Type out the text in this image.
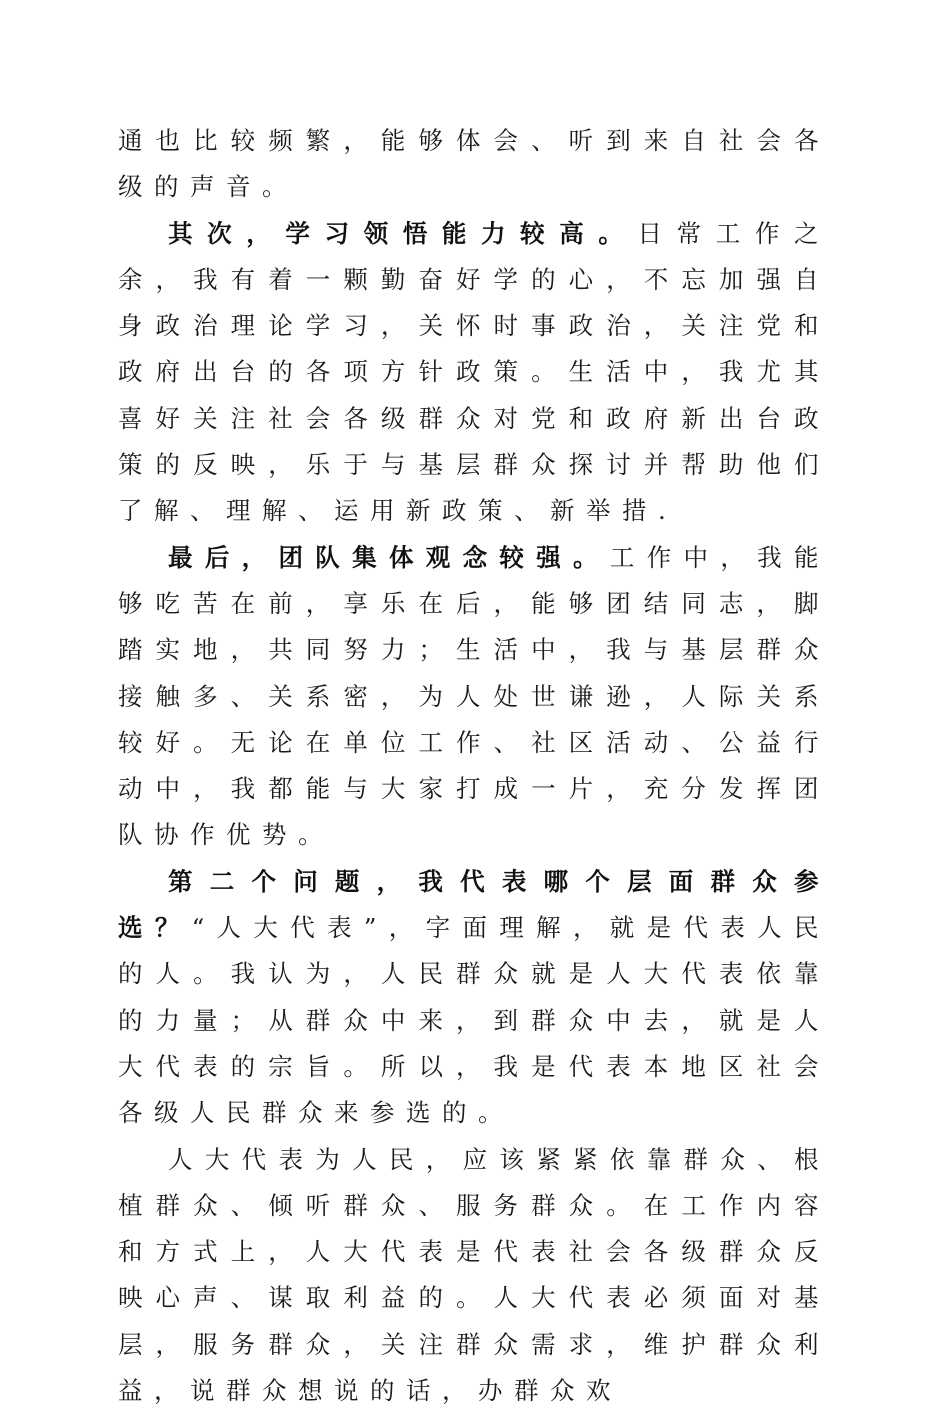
通也比较频繁，能够体会、听到来自社会各级的声音。

其次，学习领悟能力较高。日常工作之余，我有着一颗勤奋好学的心，不忘加强自身政治理论学习，关怀时事政治，关注党和政府出台的各项方针政策。生活中，我尤其喜好关注社会各级群众对党和政府新出台政策的反映，乐于与基层群众探讨并帮助他们了解、理解、运用新政策、新举措.

最后，团队集体观念较强。工作中，我能够吃苦在前，享乐在后，能够团结同志，脚踏实地，共同努力；生活中，我与基层群众接触多、关系密，为人处世谦逊，人际关系较好。无论在单位工作、社区活动、公益行动中，我都能与大家打成一片，充分发挥团队协作优势。

第二个问题，我代表哪个层面群众参选？“人大代表”，字面理解，就是代表人民的人。我认为，人民群众就是人大代表依靠的力量；从群众中来，到群众中去，就是人大代表的宗旨。所以，我是代表本地区社会各级人民群众来参选的。

人大代表为人民，应该紧紧依靠群众、根植群众、倾听群众、服务群众。在工作内容和方式上，人大代表是代表社会各级群众反映心声、谋取利益的。人大代表必须面对基层，服务群众，关注群众需求，维护群众利益，说群众想说的话，办群众欢
